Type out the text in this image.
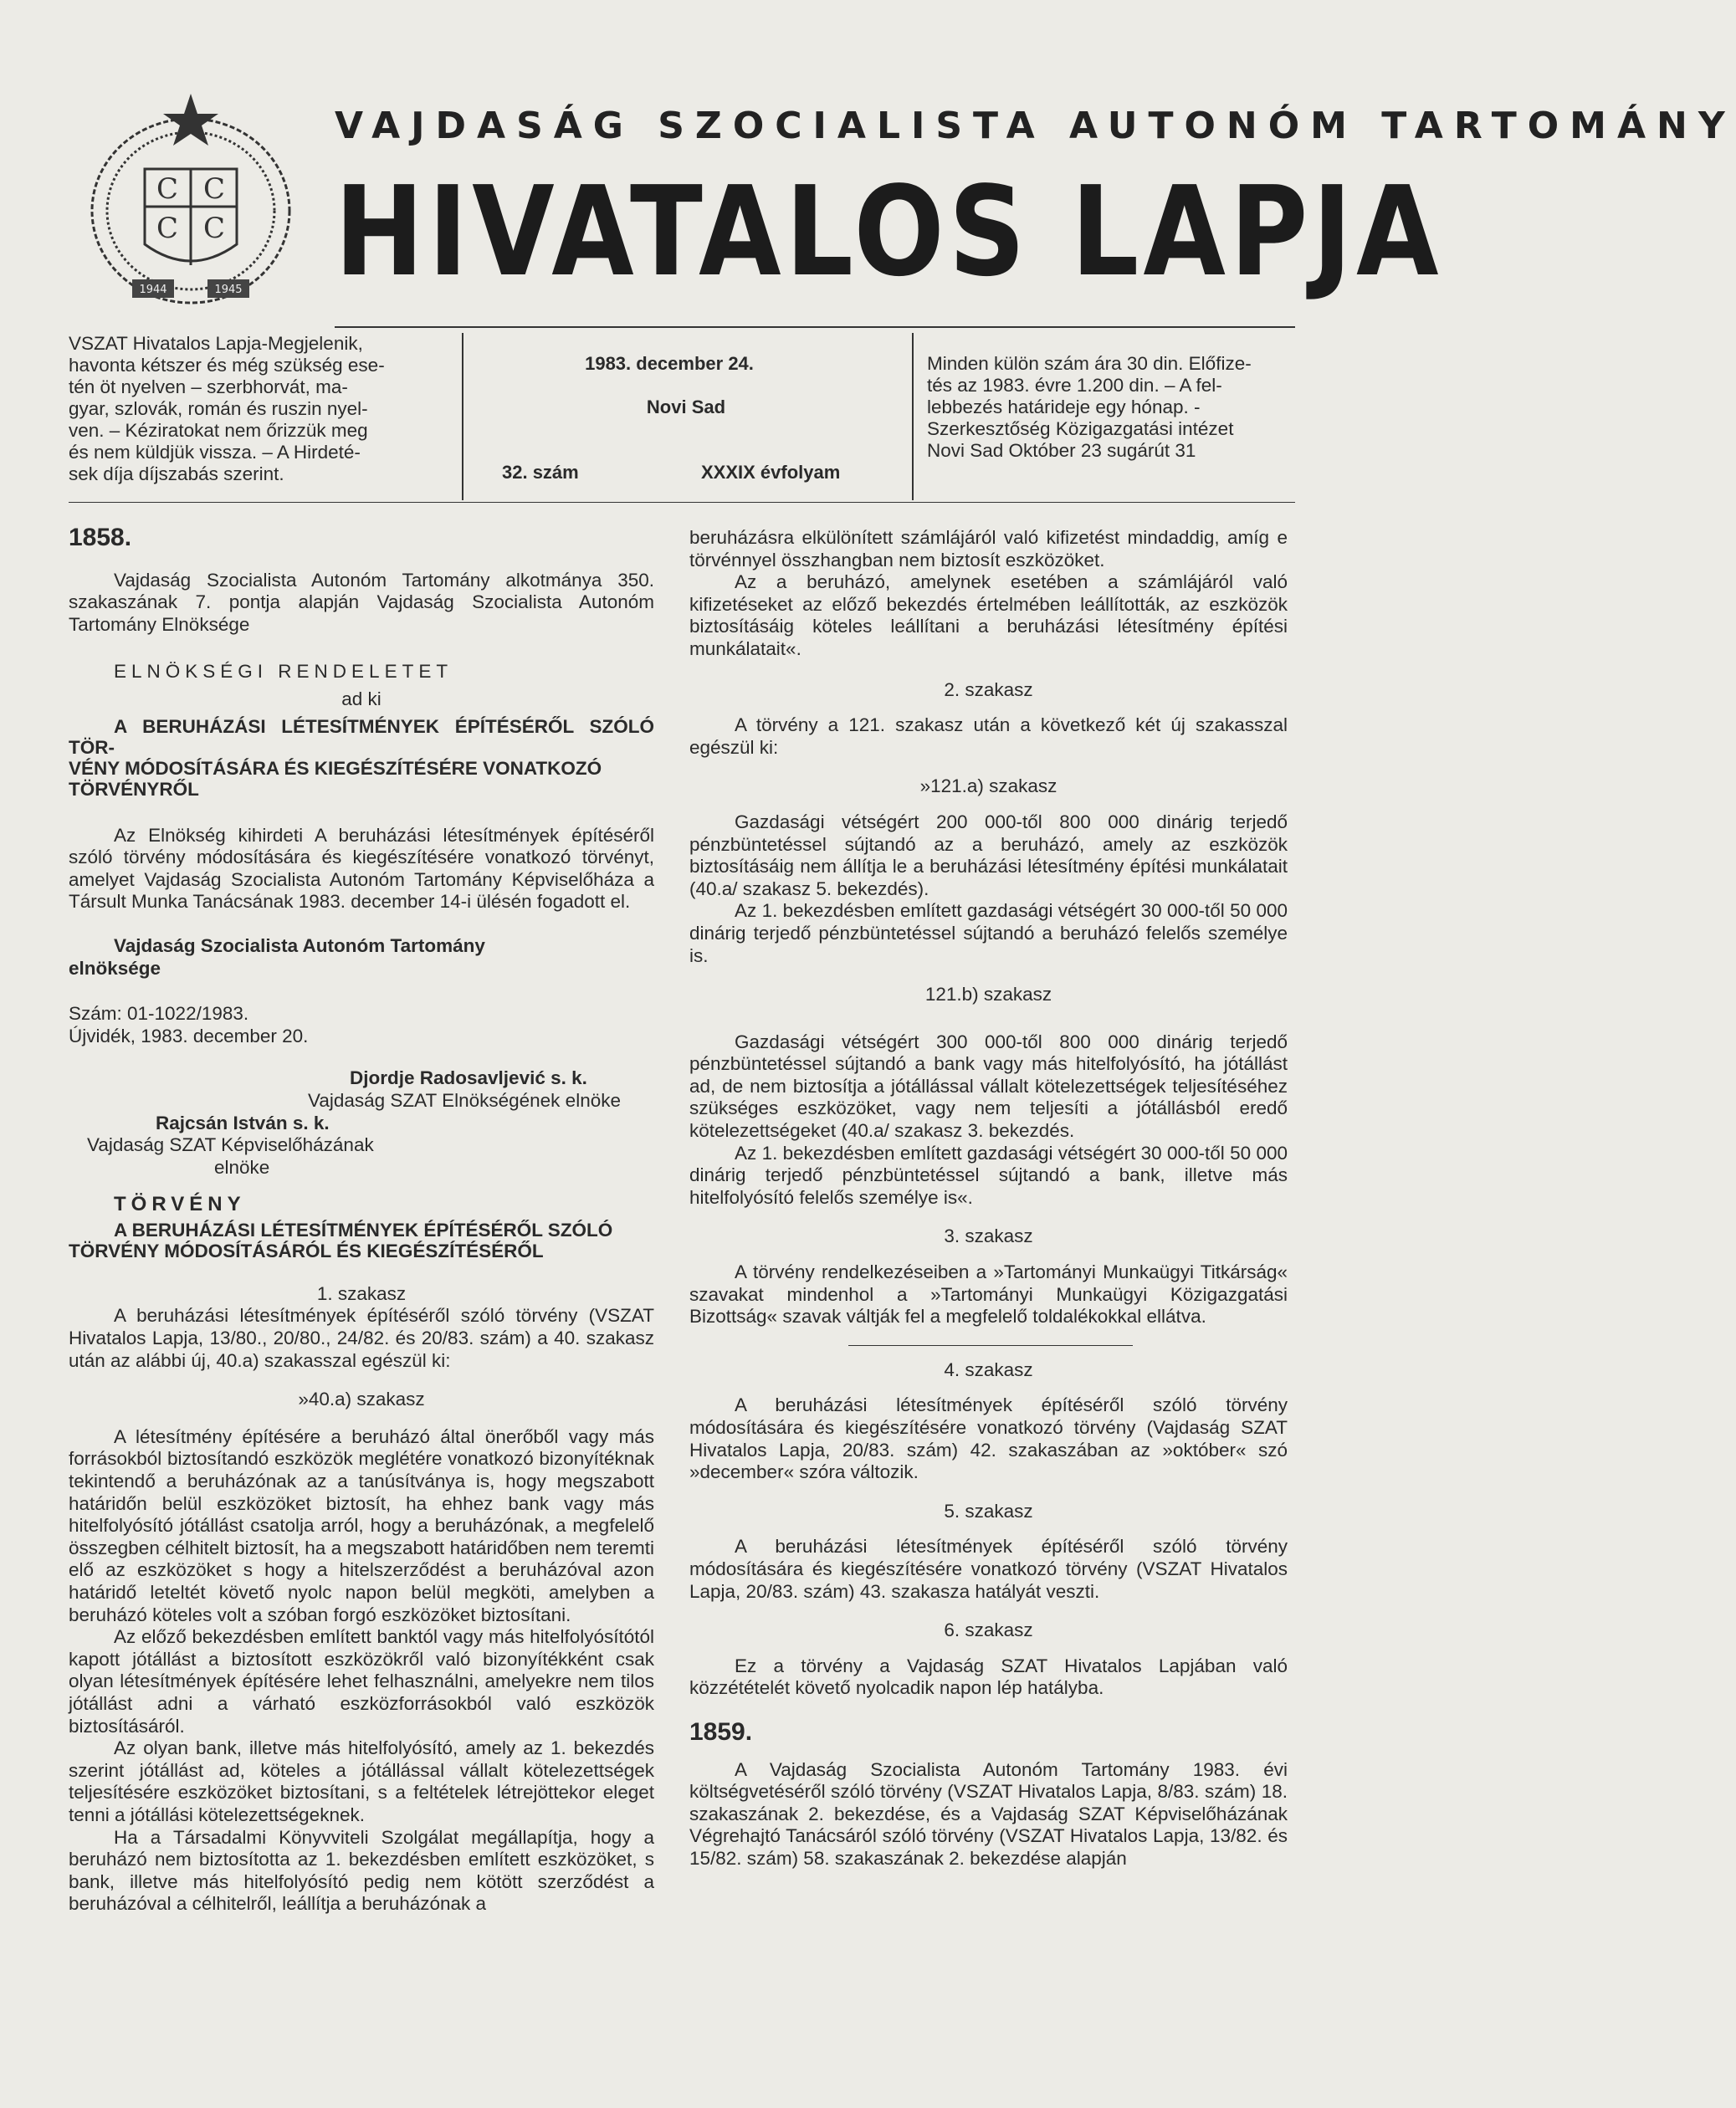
C C
C C
1944	1945
VAJDASÁG SZOCIALISTA AUTONÓM TARTOMÁNY
HIVATALOS LAPJA
VSZAT Hivatalos Lapja-Megjelenik,
havonta kétszer és még szükség ese-
tén öt nyelven – szerbhorvát, ma-
gyar, szlovák, román és ruszin nyel-
ven. – Kéziratokat nem őrizzük meg
és nem küldjük vissza. – A Hirdeté-
sek díja díjszabás szerint.
1983. december 24.
Novi Sad
32. szám	XXXIX évfolyam
Minden külön szám ára 30 din. Előfize-
tés az 1983. évre 1.200 din. – A fel-
lebbezés határideje egy hónap. -
Szerkesztőség Közigazgatási intézet
Novi Sad Október 23 sugárút 31

1858.

Vajdaság Szocialista Autonóm Tartomány alkotmánya 350. szakaszának 7. pontja alapján Vajdaság Szocialista Autonóm Tartomány Elnöksége

ELNÖKSÉGI RENDELETET

ad ki

A BERUHÁZÁSI LÉTESÍTMÉNYEK ÉPÍTÉSÉRŐL SZÓLÓ TÖR-
VÉNY MÓDOSÍTÁSÁRA ÉS KIEGÉSZÍTÉSÉRE VONATKOZÓ
TÖRVÉNYRŐL

Az Elnökség kihirdeti A beruházási létesítmények építéséről szóló törvény módosítására és kiegészítésére vonatkozó törvényt, amelyet Vajdaság Szocialista Autonóm Tartomány Képviselőháza a Társult Munka Tanácsának 1983. december 14-i ülésén fogadott el.

Vajdaság Szocialista Autonóm Tartomány
elnöksége

Szám: 01-1022/1983.

Újvidék, 1983. december 20.

Djordje Radosavljević s. k.

Vajdaság SZAT Elnökségének elnöke

Rajcsán István s. k.

Vajdaság SZAT Képviselőházának

elnöke

TÖRVÉNY

A BERUHÁZÁSI LÉTESÍTMÉNYEK ÉPÍTÉSÉRŐL SZÓLÓ
TÖRVÉNY MÓDOSÍTÁSÁRÓL ÉS KIEGÉSZÍTÉSÉRŐL

1. szakasz

A beruházási létesítmények építéséről szóló törvény (VSZAT Hivatalos Lapja, 13/80., 20/80., 24/82. és 20/83. szám) a 40. szakasz után az alábbi új, 40.a) szakasszal egészül ki:

»40.a) szakasz

A létesítmény építésére a beruházó által önerőből vagy más forrásokból biztosítandó eszközök meglétére vonatkozó bizonyítéknak tekintendő a beruházónak az a tanúsítványa is, hogy megszabott határidőn belül eszközöket biztosít, ha ehhez bank vagy más hitelfolyósító jótállást csatolja arról, hogy a beruházónak, a megfelelő összegben célhitelt biztosít, ha a megszabott határidőben nem teremti elő az eszközöket s hogy a hitelszerződést a beruházóval azon határidő leteltét követő nyolc napon belül megköti, amelyben a beruházó köteles volt a szóban forgó eszközöket biztosítani.

Az előző bekezdésben említett banktól vagy más hitelfolyósítótól kapott jótállást a biztosított eszközökről való bizonyítékként csak olyan létesítmények építésére lehet felhasználni, amelyekre nem tilos jótállást adni a várható eszközforrásokból való eszközök biztosításáról.

Az olyan bank, illetve más hitelfolyósító, amely az 1. bekezdés szerint jótállást ad, köteles a jótállással vállalt kötelezettségek teljesítésére eszközöket biztosítani, s a feltételek létrejöttekor eleget tenni a jótállási kötelezettségeknek.

Ha a Társadalmi Könyvviteli Szolgálat megállapítja, hogy a beruházó nem biztosította az 1. bekezdésben említett eszközöket, s bank, illetve más hitelfolyósító pedig nem kötött szerződést a beruházóval a célhitelről, leállítja a beruházónak a

beruházásra elkülönített számlájáról való kifizetést mindaddig, amíg e törvénnyel összhangban nem biztosít eszközöket.

Az a beruházó, amelynek esetében a számlájáról való kifizetéseket az előző bekezdés értelmében leállították, az eszközök biztosításáig köteles leállítani a beruházási létesítmény építési munkálatait«.

2. szakasz

A törvény a 121. szakasz után a következő két új szakasszal egészül ki:

»121.a) szakasz

Gazdasági vétségért 200 000-től 800 000 dinárig terjedő pénzbüntetéssel sújtandó az a beruházó, amely az eszközök biztosításáig nem állítja le a beruházási létesítmény építési munkálatait (40.a/ szakasz 5. bekezdés).

Az 1. bekezdésben említett gazdasági vétségért 30 000-től 50 000 dinárig terjedő pénzbüntetéssel sújtandó a beruházó felelős személye is.

121.b) szakasz

Gazdasági vétségért 300 000-től 800 000 dinárig terjedő pénzbüntetéssel sújtandó a bank vagy más hitelfolyósító, ha jótállást ad, de nem biztosítja a jótállással vállalt kötelezettségek teljesítéséhez szükséges eszközöket, vagy nem teljesíti a jótállásból eredő kötelezettségeket (40.a/ szakasz 3. bekezdés.

Az 1. bekezdésben említett gazdasági vétségért 30 000-től 50 000 dinárig terjedő pénzbüntetéssel sújtandó a bank, illetve más hitelfolyósító felelős személye is«.

3. szakasz

A törvény rendelkezéseiben a »Tartományi Munkaügyi Titkárság« szavakat mindenhol a »Tartományi Munkaügyi Közigazgatási Bizottság« szavak váltják fel a megfelelő toldalékokkal ellátva.

4. szakasz

A beruházási létesítmények építéséről szóló törvény módosítására és kiegészítésére vonatkozó törvény (Vajdaság SZAT Hivatalos Lapja, 20/83. szám) 42. szakaszában az »október« szó »december« szóra változik.

5. szakasz

A beruházási létesítmények építéséről szóló törvény módosítására és kiegészítésére vonatkozó törvény (VSZAT Hivatalos Lapja, 20/83. szám) 43. szakasza hatályát veszti.

6. szakasz

Ez a törvény a Vajdaság SZAT Hivatalos Lapjában való közzétételét követő nyolcadik napon lép hatályba.

1859.

A Vajdaság Szocialista Autonóm Tartomány 1983. évi költségvetéséről szóló törvény (VSZAT Hivatalos Lapja, 8/83. szám) 18. szakaszának 2. bekezdése, és a Vajdaság SZAT Képviselőházának Végrehajtó Tanácsáról szóló törvény (VSZAT Hivatalos Lapja, 13/82. és 15/82. szám) 58. szakaszának 2. bekezdése alapján
